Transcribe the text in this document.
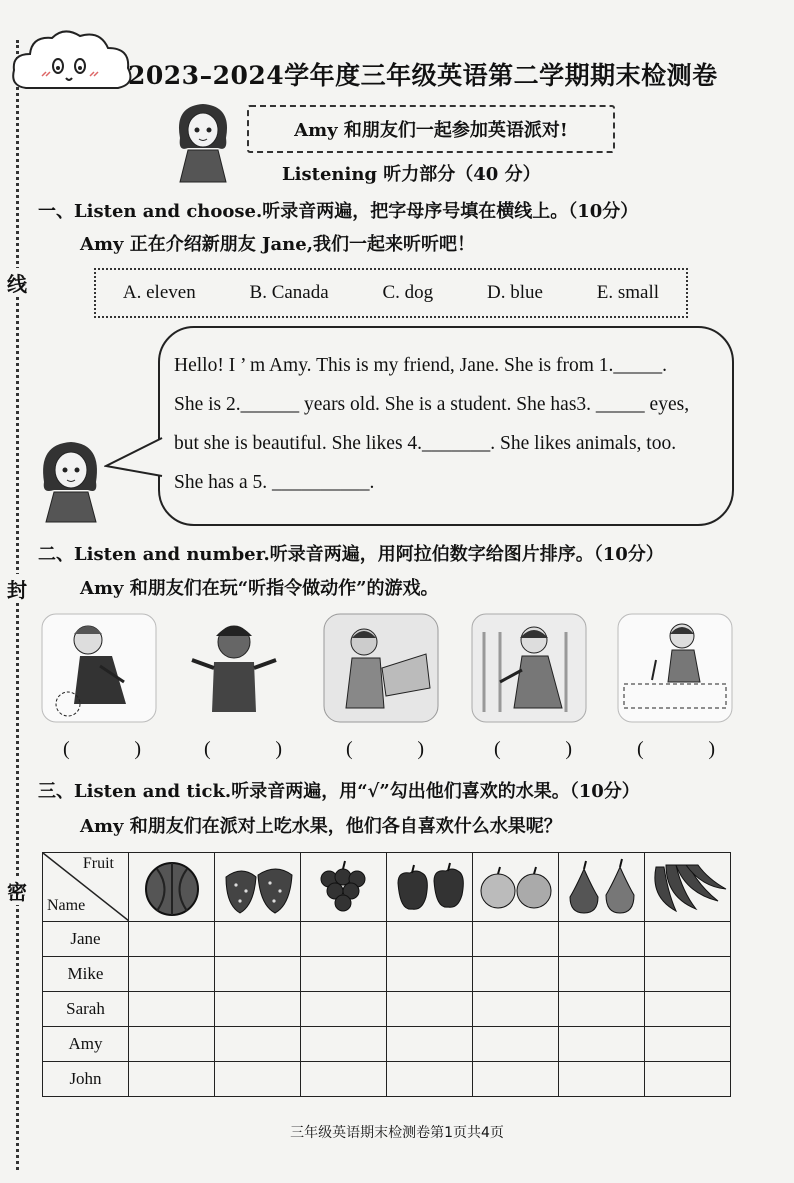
线
封
密
2023–2024学年度三年级英语第二学期期末检测卷
Amy 和朋友们一起参加英语派对!
Listening 听力部分（40 分）
一、Listen and choose.听录音两遍，把字母序号填在横线上。（10分）
Amy 正在介绍新朋友 Jane,我们一起来听听吧！
A. eleven	B. Canada	C. dog	D. blue	E. small
Hello! I ’ m Amy. This is my friend, Jane. She is from 1._____.
She is 2.______ years old. She is a student. She has3. _____ eyes,
but she is beautiful. She likes 4._______. She likes animals, too.
She has a 5. __________.
二、Listen and number.听录音两遍，用阿拉伯数字给图片排序。（10分）
Amy 和朋友们在玩“听指令做动作”的游戏。
(	)	(	)	(	)	(	)	(	)
三、Listen and tick.听录音两遍，用“√”勾出他们喜欢的水果。（10分）
Amy 和朋友们在派对上吃水果，他们各自喜欢什么水果呢？
Fruit
Name

Jane							
Mike							
Sarah							
Amy							
John							
三年级英语期末检测卷第1页共4页
